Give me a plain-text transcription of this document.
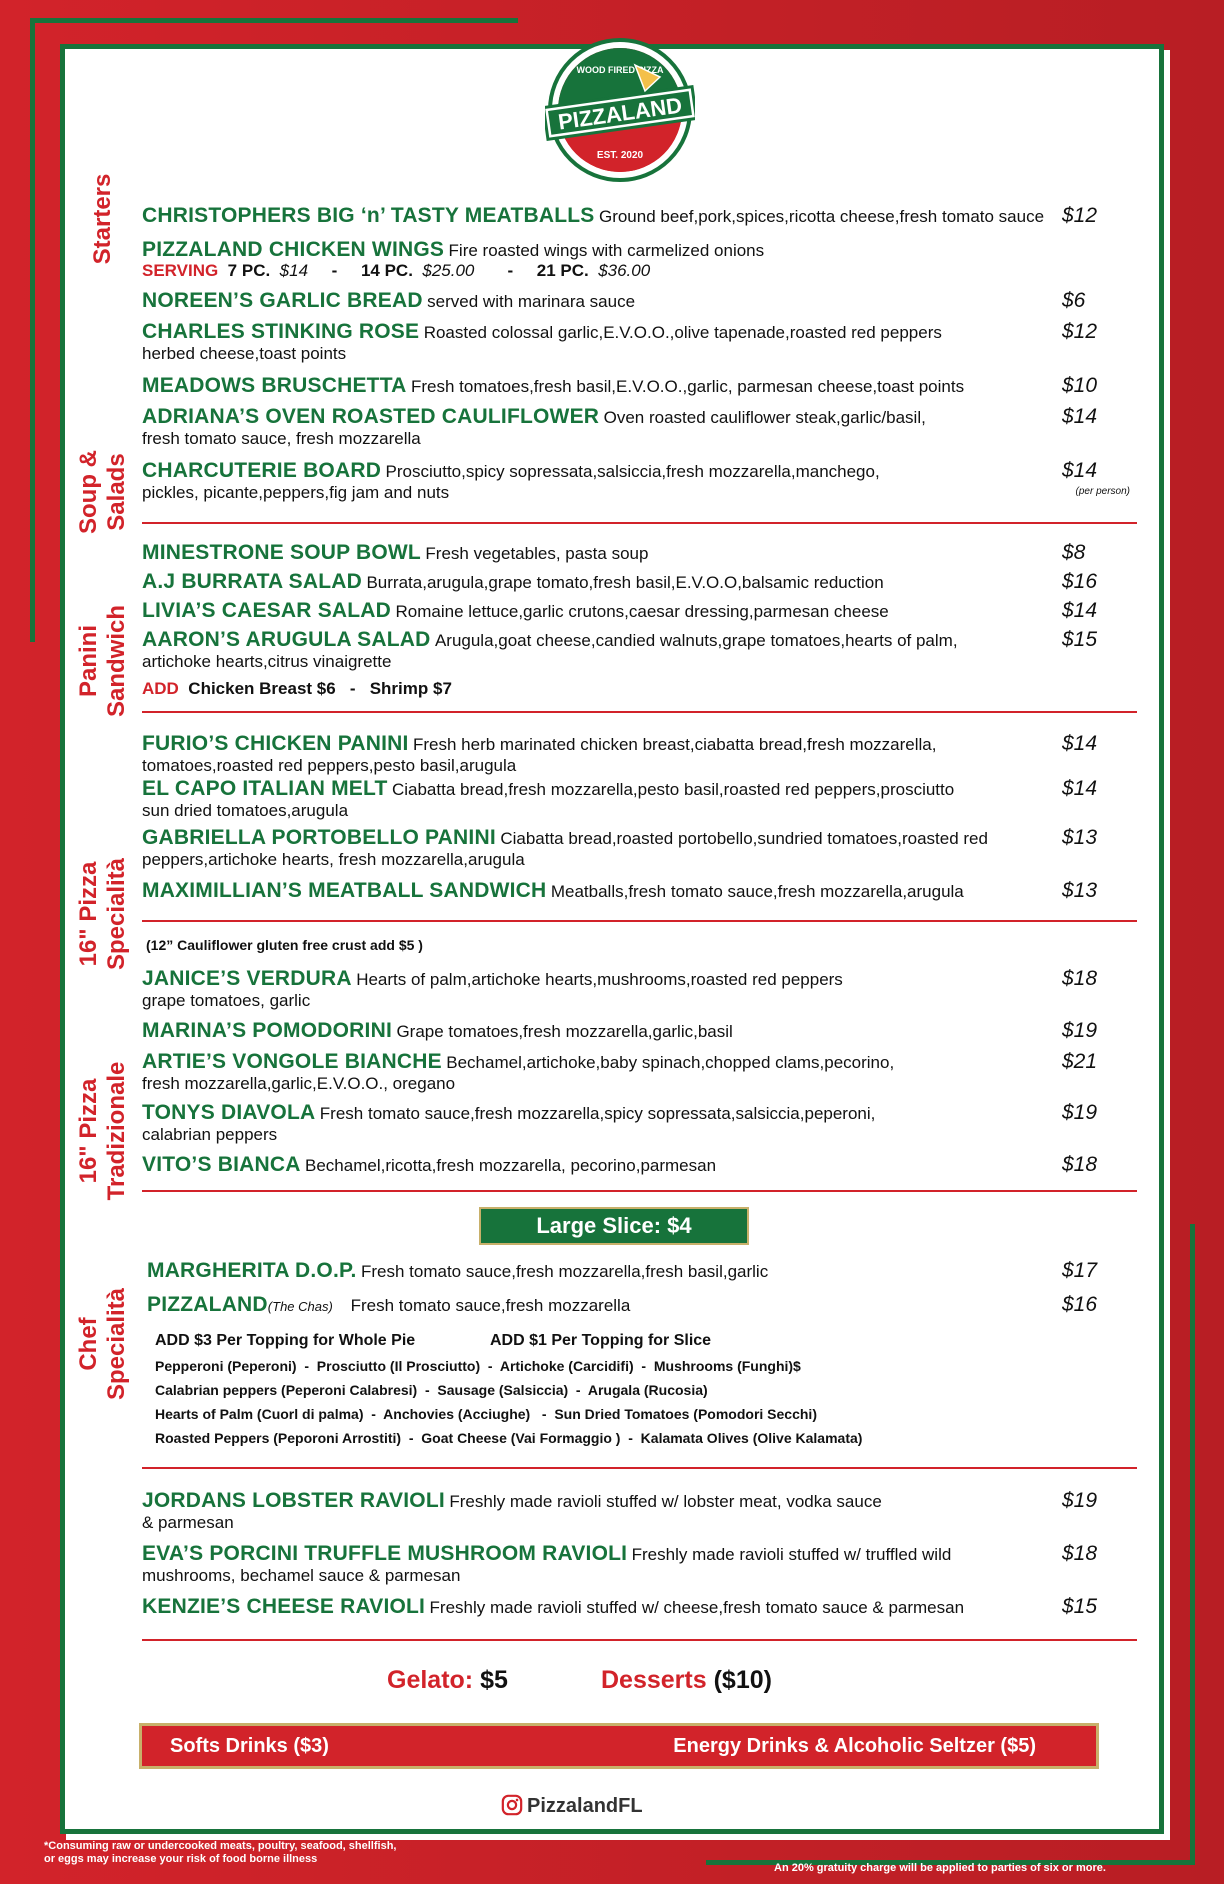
PIZZALAND
WOOD FIRED PIZZA
EST. 2020
Starters
Soup &
Salads
Panini
Sandwich
16" Pizza
Specialità
16" Pizza
Tradizionale
Chef
Specialità
CHRISTOPHERS BIG ‘n’ TASTY MEATBALLS Ground beef,pork,spices,ricotta cheese,fresh tomato sauce $12
PIZZALAND CHICKEN WINGS Fire roasted wings with carmelized onions
SERVING 7 PC. $14 - 14 PC. $25.00 - 21 PC. $36.00
NOREEN’S GARLIC BREAD served with marinara sauce	$6
CHARLES STINKING ROSE Roasted colossal garlic,E.V.O.O.,olive tapenade,roasted red peppers
herbed cheese,toast points
$12
MEADOWS BRUSCHETTA Fresh tomatoes,fresh basil,E.V.O.O.,garlic, parmesan cheese,toast points	$10
ADRIANA’S OVEN ROASTED CAULIFLOWER Oven roasted cauliflower steak,garlic/basil,
fresh tomato sauce, fresh mozzarella
$14
CHARCUTERIE BOARD Prosciutto,spicy sopressata,salsiccia,fresh mozzarella,manchego,
pickles, picante,peppers,fig jam and nuts
$14
(per person)
MINESTRONE SOUP BOWL Fresh vegetables, pasta soup	$8
A.J BURRATA SALAD Burrata,arugula,grape tomato,fresh basil,E.V.O.O,balsamic reduction	$16
LIVIA’S CAESAR SALAD Romaine lettuce,garlic crutons,caesar dressing,parmesan cheese	$14
AARON’S ARUGULA SALAD Arugula,goat cheese,candied walnuts,grape tomatoes,hearts of palm,
artichoke hearts,citrus vinaigrette
$15
ADD Chicken Breast $6   -   Shrimp $7
FURIO’S CHICKEN PANINI Fresh herb marinated chicken breast,ciabatta bread,fresh mozzarella,
tomatoes,roasted red peppers,pesto basil,arugula
$14
EL CAPO ITALIAN MELT Ciabatta bread,fresh mozzarella,pesto basil,roasted red peppers,prosciutto
sun dried tomatoes,arugula
$14
GABRIELLA PORTOBELLO PANINI Ciabatta bread,roasted portobello,sundried tomatoes,roasted red
peppers,artichoke hearts, fresh mozzarella,arugula
$13
MAXIMILLIAN’S MEATBALL SANDWICH Meatballs,fresh tomato sauce,fresh mozzarella,arugula	$13
(12” Cauliflower gluten free crust add $5 )
JANICE’S VERDURA Hearts of palm,artichoke hearts,mushrooms,roasted red peppers
grape tomatoes, garlic
$18
MARINA’S POMODORINI Grape tomatoes,fresh mozzarella,garlic,basil	$19
ARTIE’S VONGOLE BIANCHE Bechamel,artichoke,baby spinach,chopped clams,pecorino,
fresh mozzarella,garlic,E.V.O.O., oregano
$21
TONYS DIAVOLA Fresh tomato sauce,fresh mozzarella,spicy sopressata,salsiccia,peperoni,
calabrian peppers
$19
VITO’S BIANCA Bechamel,ricotta,fresh mozzarella, pecorino,parmesan	$18
Large Slice: $4
MARGHERITA D.O.P. Fresh tomato sauce,fresh mozzarella,fresh basil,garlic	$17
PIZZALAND(The Chas) Fresh tomato sauce,fresh mozzarella	$16
ADD $3 Per Topping for Whole Pie	ADD $1 Per Topping for Slice
Pepperoni (Peperoni)  -  Prosciutto (Il Prosciutto)  -  Artichoke (Carcidifi)  -  Mushrooms (Funghi)$
Calabrian peppers (Peperoni Calabresi)  -  Sausage (Salsiccia)  -  Arugala (Rucosia)
Hearts of Palm (Cuorl di palma)  -  Anchovies (Acciughe)   -  Sun Dried Tomatoes (Pomodori Secchi)
Roasted Peppers (Peporoni Arrostiti)  -  Goat Cheese (Vai Formaggio )  -  Kalamata Olives (Olive Kalamata)
JORDANS LOBSTER RAVIOLI Freshly made ravioli stuffed w/ lobster meat, vodka sauce
& parmesan
$19
EVA’S PORCINI TRUFFLE MUSHROOM RAVIOLI Freshly made ravioli stuffed w/ truffled wild
mushrooms, bechamel sauce & parmesan
$18
KENZIE’S CHEESE RAVIOLI Freshly made ravioli stuffed w/ cheese,fresh tomato sauce & parmesan	$15
Gelato: $5	Desserts ($10)
Softs Drinks ($3)	Energy Drinks & Alcoholic Seltzer ($5)
PizzalandFL
*Consuming raw or undercooked meats, poultry, seafood, shellfish,
or eggs may increase your risk of food borne illness
An 20% gratuity charge will be applied to parties of six or more.
